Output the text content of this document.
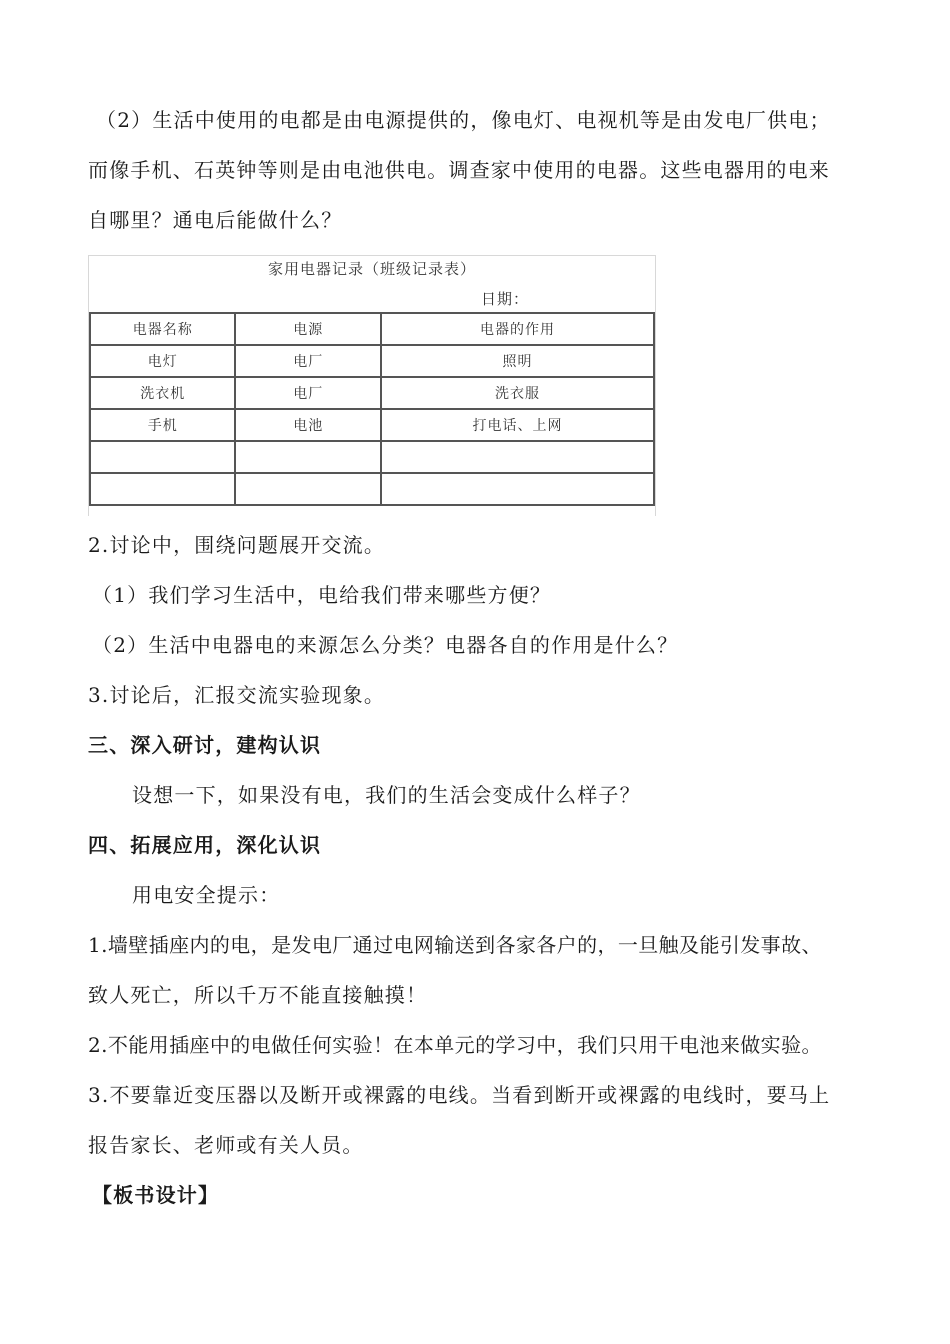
（2）生活中使用的电都是由电源提供的，像电灯、电视机等是由发电厂供电；
而像手机、石英钟等则是由电池供电。调查家中使用的电器。这些电器用的电来
自哪里？通电后能做什么？
家用电器记录（班级记录表）
日期：
电器名称	电源	电器的作用
电灯	电厂	照明
洗衣机	电厂	洗衣服
手机	电池	打电话、上网

2.讨论中，围绕问题展开交流。
（1）我们学习生活中，电给我们带来哪些方便？
（2）生活中电器电的来源怎么分类？电器各自的作用是什么？
3.讨论后，汇报交流实验现象。
三、深入研讨，建构认识
设想一下，如果没有电，我们的生活会变成什么样子？
四、拓展应用，深化认识
用电安全提示：
1.墙壁插座内的电，是发电厂通过电网输送到各家各户的，一旦触及能引发事故、
致人死亡，所以千万不能直接触摸！
2.不能用插座中的电做任何实验！在本单元的学习中，我们只用干电池来做实验。
3.不要靠近变压器以及断开或裸露的电线。当看到断开或裸露的电线时，要马上
报告家长、老师或有关人员。
【板书设计】
